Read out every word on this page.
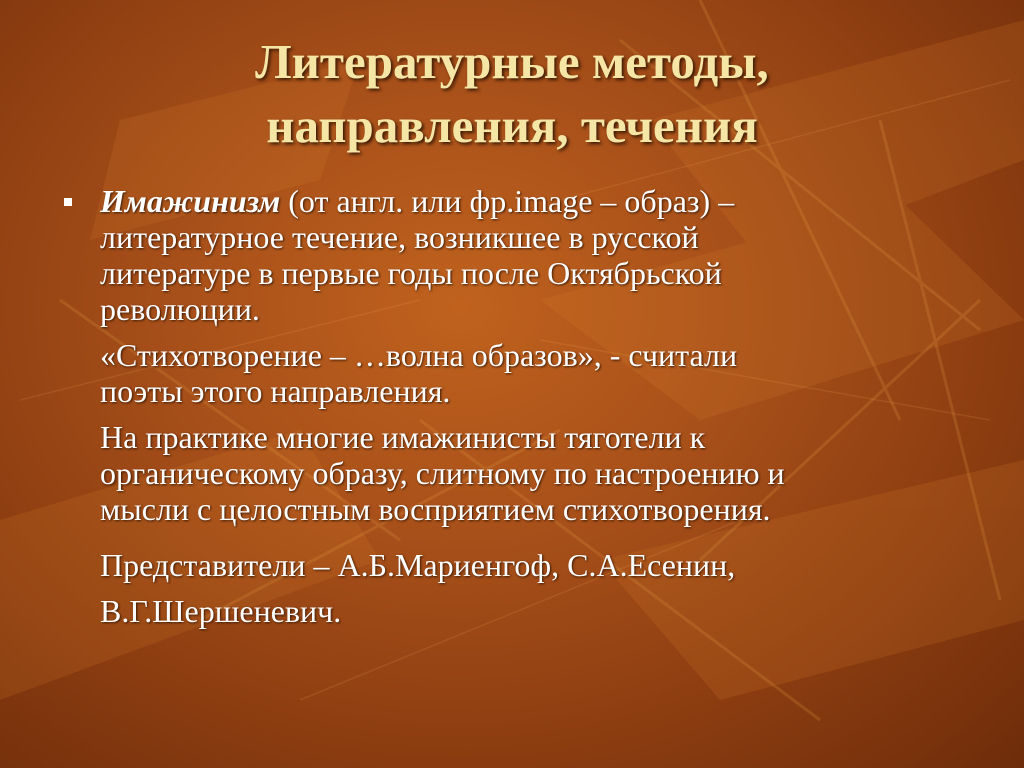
Литературные методы,
направления, течения

Имажинизм (от англ. или фр.image – образ) –
литературное течение, возникшее в русской
литературе в первые годы после Октябрьской
революции.

«Стихотворение – …волна образов», - считали
поэты этого направления.

На практике многие имажинисты тяготели к
органическому образу, слитному по настроению и
мысли с целостным восприятием стихотворения.

Представители – А.Б.Мариенгоф, С.А.Есенин,

В.Г.Шершеневич.
